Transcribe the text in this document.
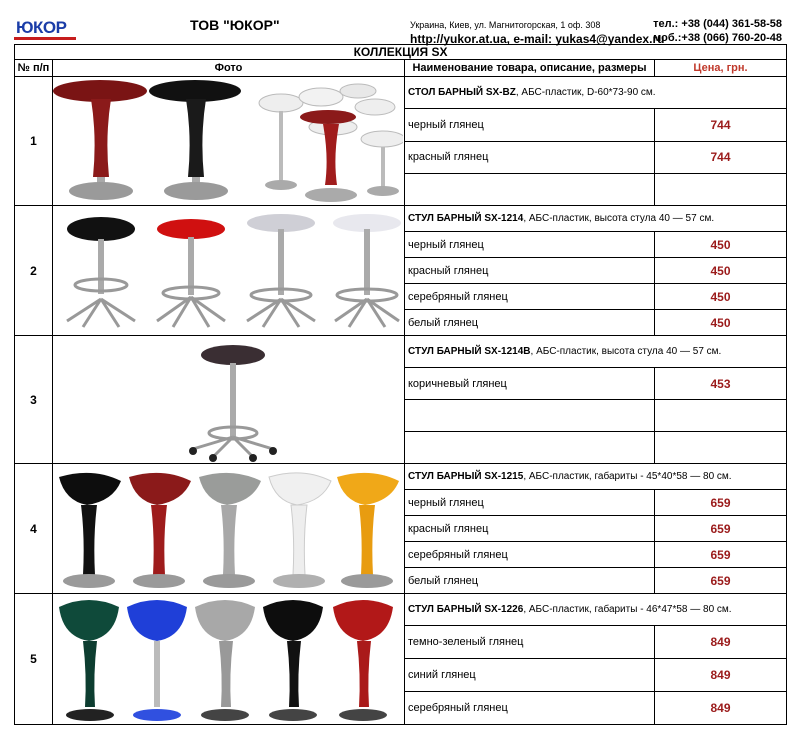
ЮКОР	ТОВ "ЮКОР"	Украина, Киев, ул. Магнитогорская, 1 оф. 308	тел.: +38 (044) 361-58-58
http://yukor.at.ua, e-mail: yukas4@yandex.ru
моб.:+38 (066) 760-20-48
КОЛЛЕКЦИЯ SX			
№ п/п	Фото	Наименование товара, описание, размеры	Цена, грн.
1		СТОЛ БАРНЫЙ SX-BZ, АБС-пластик, D-60*73-90 см.	
		черный глянец	744
		красный глянец	744

2		СТУЛ БАРНЫЙ SX-1214, АБС-пластик, высота стула 40 — 57 см.	
		черный глянец	450
		красный глянец	450
		серебряный глянец	450
		белый глянец	450
3		СТУЛ БАРНЫЙ SX-1214B, АБС-пластик, высота стула 40 — 57 см.	
		коричневый глянец	453

4		СТУЛ БАРНЫЙ SX-1215, АБС-пластик, габариты - 45*40*58 — 80 см.	
		черный глянец	659
		красный глянец	659
		серебряный глянец	659
		белый глянец	659
5		СТУЛ БАРНЫЙ SX-1226, АБС-пластик, габариты - 46*47*58 — 80 см.	
		темно-зеленый глянец	849
		синий глянец	849
		серебряный глянец	849
